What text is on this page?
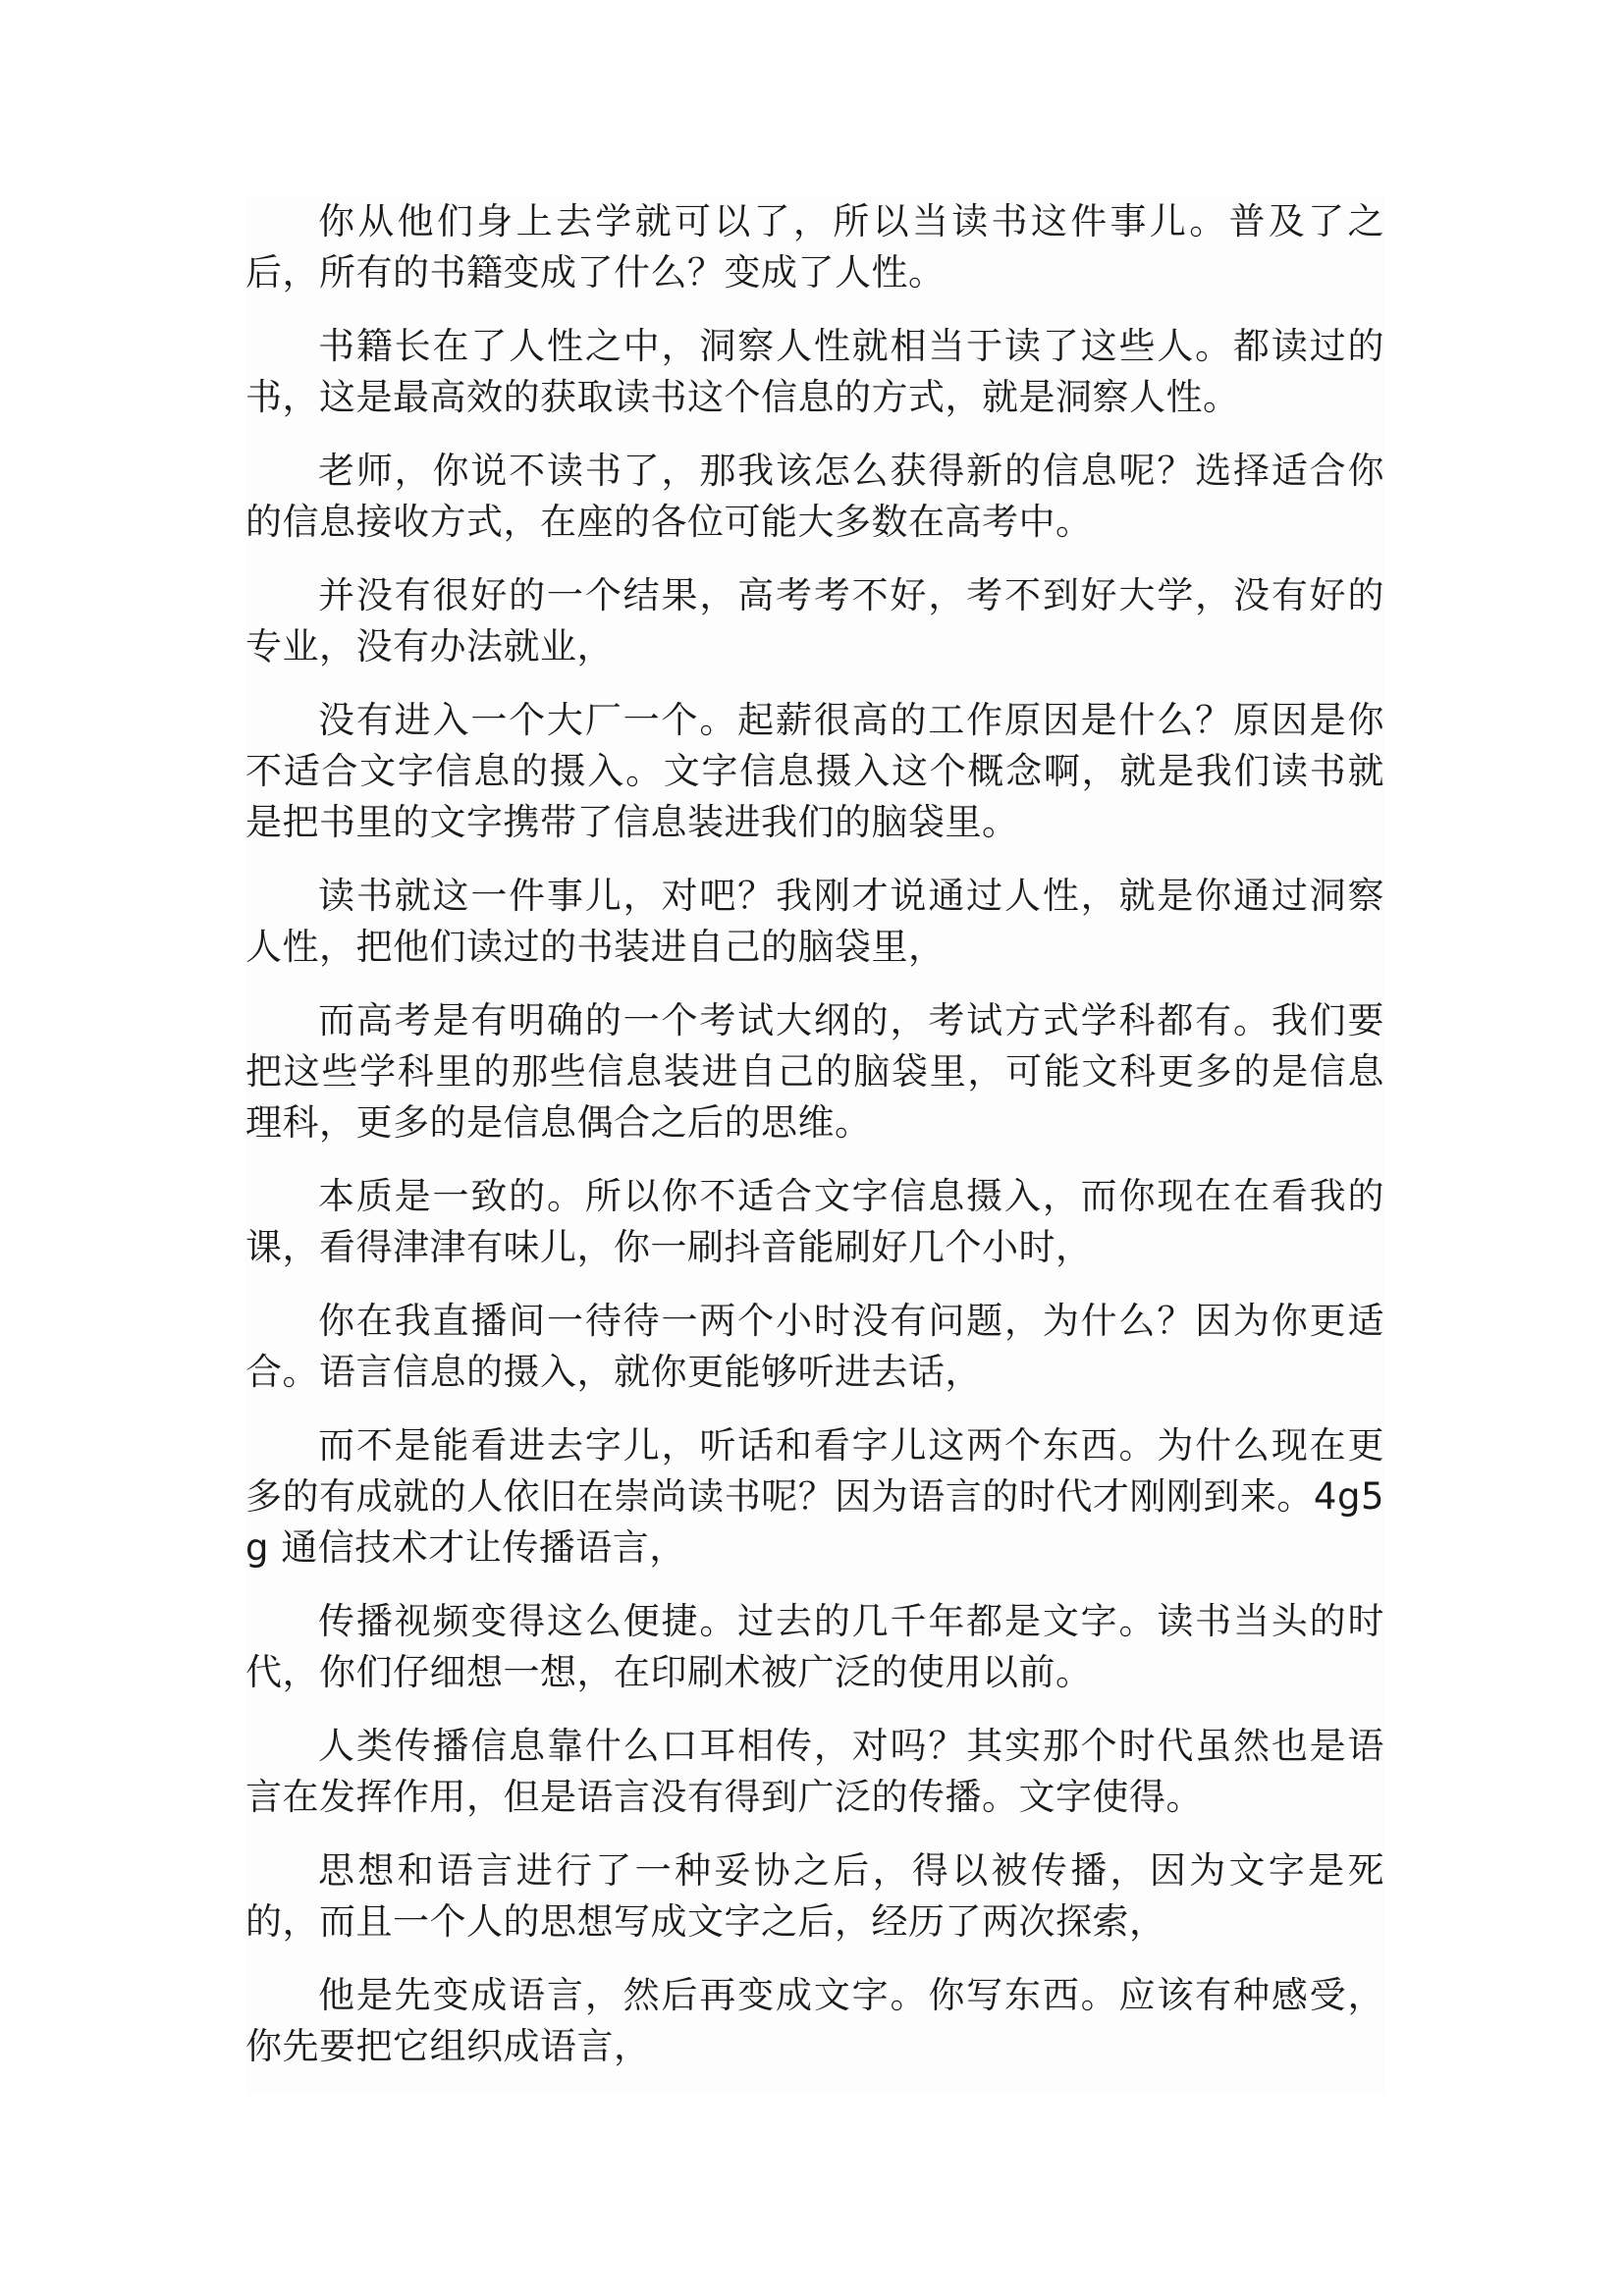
你从他们身上去学就可以了，所以当读书这件事儿。普及了之后，所有的书籍变成了什么？变成了人性。

书籍长在了人性之中，洞察人性就相当于读了这些人。都读过的书，这是最高效的获取读书这个信息的方式，就是洞察人性。

老师，你说不读书了，那我该怎么获得新的信息呢？选择适合你的信息接收方式，在座的各位可能大多数在高考中。

并没有很好的一个结果，高考考不好，考不到好大学，没有好的专业，没有办法就业，

没有进入一个大厂一个。起薪很高的工作原因是什么？原因是你不适合文字信息的摄入。文字信息摄入这个概念啊，就是我们读书就是把书里的文字携带了信息装进我们的脑袋里。

读书就这一件事儿，对吧？我刚才说通过人性，就是你通过洞察人性，把他们读过的书装进自己的脑袋里，

而高考是有明确的一个考试大纲的，考试方式学科都有。我们要把这些学科里的那些信息装进自己的脑袋里，可能文科更多的是信息理科，更多的是信息偶合之后的思维。

本质是一致的。所以你不适合文字信息摄入，而你现在在看我的课，看得津津有味儿，你一刷抖音能刷好几个小时，

你在我直播间一待待一两个小时没有问题，为什么？因为你更适合。语言信息的摄入，就你更能够听进去话，

而不是能看进去字儿，听话和看字儿这两个东西。为什么现在更多的有成就的人依旧在崇尚读书呢？因为语言的时代才刚刚到来。4g5g 通信技术才让传播语言，

传播视频变得这么便捷。过去的几千年都是文字。读书当头的时代，你们仔细想一想，在印刷术被广泛的使用以前。

人类传播信息靠什么口耳相传，对吗？其实那个时代虽然也是语言在发挥作用，但是语言没有得到广泛的传播。文字使得。

思想和语言进行了一种妥协之后，得以被传播，因为文字是死的，而且一个人的思想写成文字之后，经历了两次探索，

他是先变成语言，然后再变成文字。你写东西。应该有种感受，你先要把它组织成语言，
